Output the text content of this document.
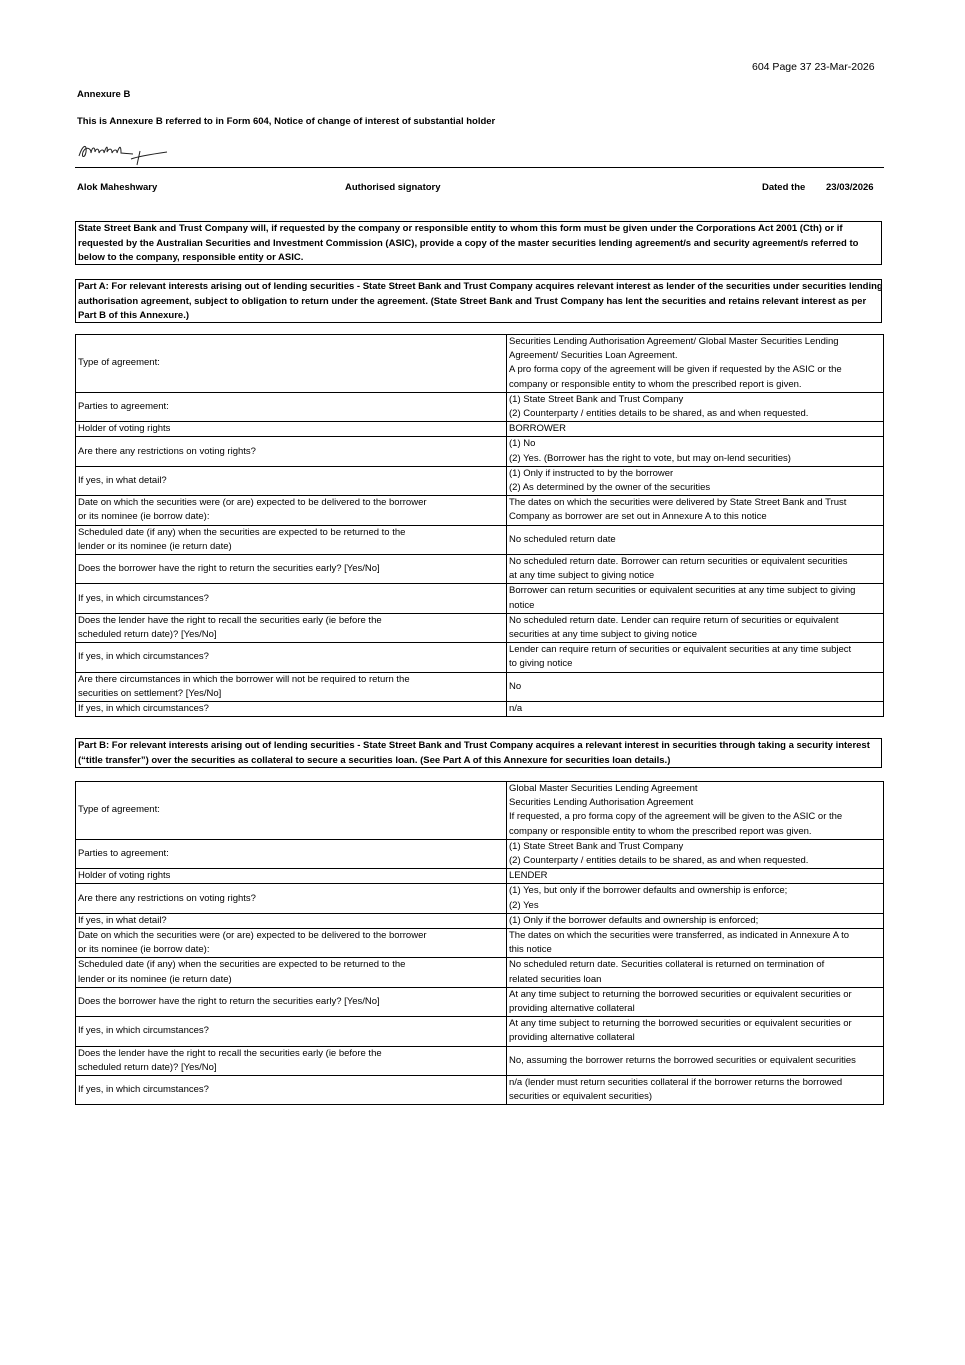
604 Page 37 23-Mar-2026
Annexure B
This is Annexure B referred to in Form 604, Notice of change of interest of substantial holder
Alok Maheshwary	Authorised signatory	Dated the 23/03/2026
State Street Bank and Trust Company will, if requested by the company or responsible entity to whom this form must be given under the Corporations Act 2001 (Cth) or if
requested by the Australian Securities and Investment Commission (ASIC), provide a copy of the master securities lending agreement/s and security agreement/s referred to
below to the company, responsible entity or ASIC.
Part A: For relevant interests arising out of lending securities - State Street Bank and Trust Company acquires relevant interest as lender of the securities under securities lending
authorisation agreement, subject to obligation to return under the agreement. (State Street Bank and Trust Company has lent the securities and retains relevant interest as per
Part B of this Annexure.)
Type of agreement:	Securities Lending Authorisation Agreement/ Global Master Securities Lending
Agreement/ Securities Loan Agreement.
A pro forma copy of the agreement will be given if requested by the ASIC or the
company or responsible entity to whom the prescribed report is given.

Parties to agreement:	(1) State Street Bank and Trust Company
(2) Counterparty / entities details to be shared, as and when requested.

Holder of voting rights	BORROWER

Are there any restrictions on voting rights?	(1) No
(2) Yes. (Borrower has the right to vote, but may on-lend securities)

If yes, in what detail?	(1) Only if instructed to by the borrower
(2) As determined by the owner of the securities

Date on which the securities were (or are) expected to be delivered to the borrower
or its nominee (ie borrow date):	The dates on which the securities were delivered by State Street Bank and Trust
Company as borrower are set out in Annexure A to this notice

Scheduled date (if any) when the securities are expected to be returned to the
lender or its nominee (ie return date)	No scheduled return date

Does the borrower have the right to return the securities early? [Yes/No]	No scheduled return date. Borrower can return securities or equivalent securities
at any time subject to giving notice

If yes, in which circumstances?	Borrower can return securities or equivalent securities at any time subject to giving
notice

Does the lender have the right to recall the securities early (ie before the
scheduled return date)? [Yes/No]	No scheduled return date. Lender can require return of securities or equivalent
securities at any time subject to giving notice

If yes, in which circumstances?	Lender can require return of securities or equivalent securities at any time subject
to giving notice

Are there circumstances in which the borrower will not be required to return the
securities on settlement? [Yes/No]	No

If yes, in which circumstances?	n/a
Part B: For relevant interests arising out of lending securities - State Street Bank and Trust Company acquires a relevant interest in securities through taking a security interest
(“title transfer”) over the securities as collateral to secure a securities loan. (See Part A of this Annexure for securities loan details.)
Type of agreement:	Global Master Securities Lending Agreement
Securities Lending Authorisation Agreement
If requested, a pro forma copy of the agreement will be given to the ASIC or the
company or responsible entity to whom the prescribed report was given.

Parties to agreement:	(1) State Street Bank and Trust Company
(2) Counterparty / entities details to be shared, as and when requested.

Holder of voting rights	LENDER

Are there any restrictions on voting rights?	(1) Yes, but only if the borrower defaults and ownership is enforce;
(2) Yes

If yes, in what detail?	(1) Only if the borrower defaults and ownership is enforced;

Date on which the securities were (or are) expected to be delivered to the borrower
or its nominee (ie borrow date):	The dates on which the securities were transferred, as indicated in Annexure A to
this notice

Scheduled date (if any) when the securities are expected to be returned to the
lender or its nominee (ie return date)	No scheduled return date. Securities collateral is returned on termination of
related securities loan

Does the borrower have the right to return the securities early? [Yes/No]	At any time subject to returning the borrowed securities or equivalent securities or
providing alternative collateral

If yes, in which circumstances?	At any time subject to returning the borrowed securities or equivalent securities or
providing alternative collateral

Does the lender have the right to recall the securities early (ie before the
scheduled return date)? [Yes/No]	No, assuming the borrower returns the borrowed securities or equivalent securities

If yes, in which circumstances?	n/a (lender must return securities collateral if the borrower returns the borrowed
securities or equivalent securities)
